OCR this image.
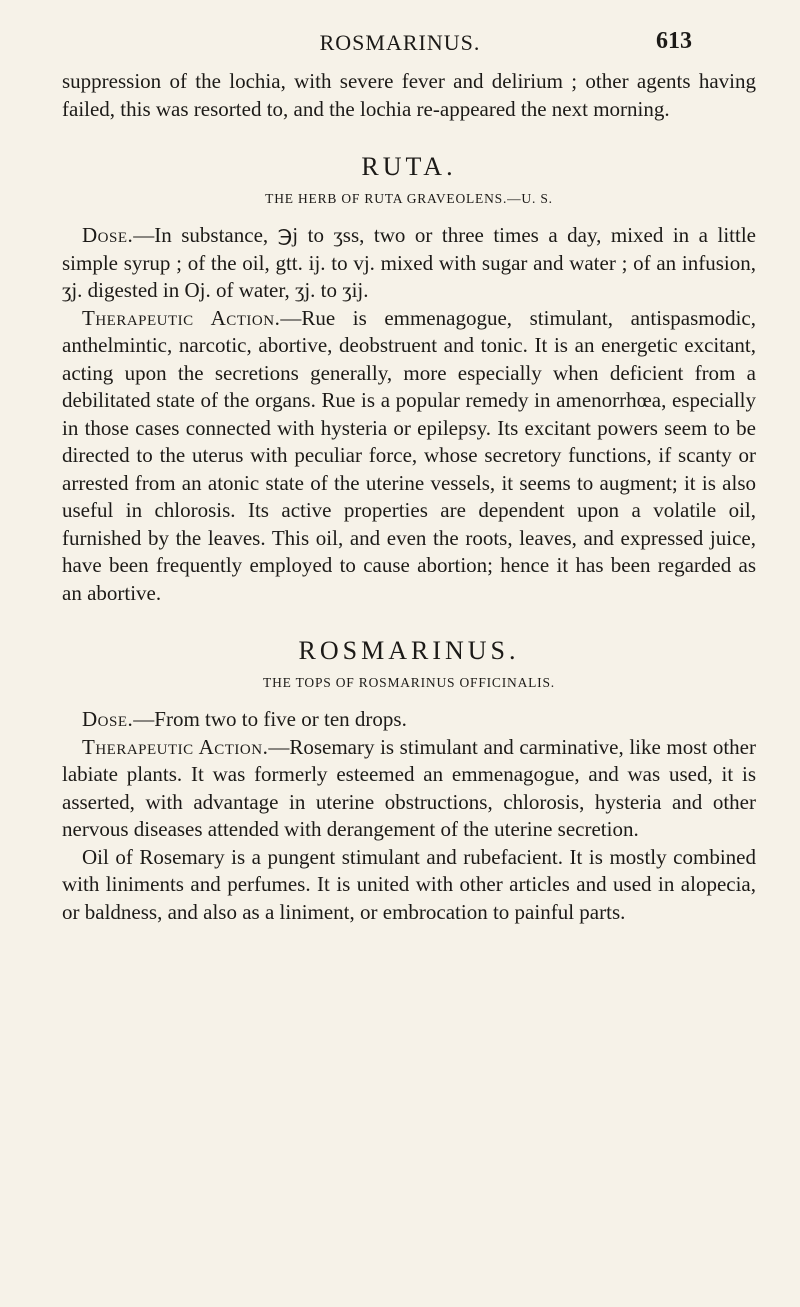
ROSMARINUS.	613

suppression of the lochia, with severe fever and delirium ; other agents having failed, this was resorted to, and the lochia re-appeared the next morning.

RUTA.
THE HERB OF RUTA GRAVEOLENS.—U. S.

Dose.—In substance, ℈j to ʒss, two or three times a day, mixed in a little simple syrup ; of the oil, gtt. ij. to vj. mixed with sugar and water ; of an infusion, ʒj. digested in Oj. of water, ʒj. to ʒij.

Therapeutic Action.—Rue is emmenagogue, stimulant, antispasmodic, anthelmintic, narcotic, abortive, deobstruent and tonic. It is an energetic excitant, acting upon the secretions generally, more especially when deficient from a debilitated state of the organs. Rue is a popular remedy in amenorrhœa, especially in those cases connected with hysteria or epilepsy. Its excitant powers seem to be directed to the uterus with peculiar force, whose secretory functions, if scanty or arrested from an atonic state of the uterine vessels, it seems to augment; it is also useful in chlorosis. Its active properties are dependent upon a volatile oil, furnished by the leaves. This oil, and even the roots, leaves, and expressed juice, have been frequently employed to cause abortion; hence it has been regarded as an abortive.

ROSMARINUS.
THE TOPS OF ROSMARINUS OFFICINALIS.

Dose.—From two to five or ten drops.

Therapeutic Action.—Rosemary is stimulant and carminative, like most other labiate plants. It was formerly esteemed an emmenagogue, and was used, it is asserted, with advantage in uterine obstructions, chlorosis, hysteria and other nervous diseases attended with derangement of the uterine secretion.

Oil of Rosemary is a pungent stimulant and rubefacient. It is mostly combined with liniments and perfumes. It is united with other articles and used in alopecia, or baldness, and also as a liniment, or embrocation to painful parts.
